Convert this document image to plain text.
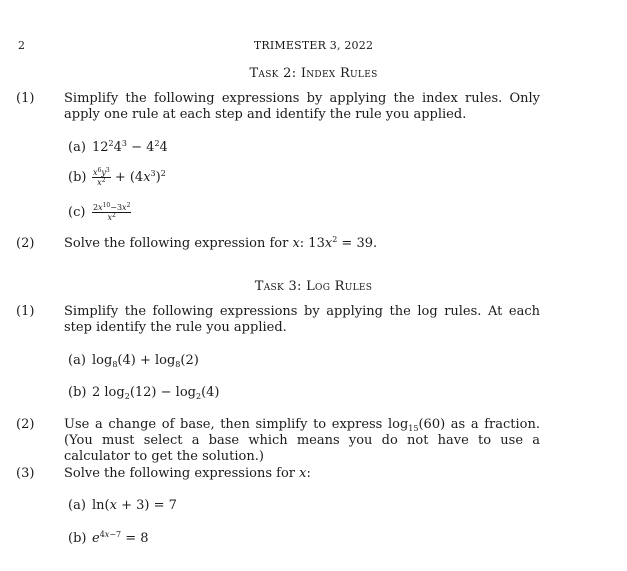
2	TRIMESTER 3, 2022
Task 2: Index Rules
(1) Simplify the following expressions by applying the index rules. Only apply one rule at each step and identify the rule you applied.
(a) $12^24^3 - 4^24$
$(b) \frac{x^6y^3}{x^2} + (4x^3)^2$
$(c) \frac{2x^{10}-3x^2}{x^2}$
(2) Solve the following expression for x: $13x^2 = 39$.
Task 3: Log Rules
(1) Simplify the following expressions by applying the log rules. At each step identify the rule you applied.
(a) $\log_8(4) + \log_8(2)$
(b) 2 $\log_2(12) - \log_2(4)$
(2) Use a change of base, then simplify to express $\log_{15}(60)$ as a fraction. (You must select a base which means you do not have to use a calculator to get the solution.)
(3) Solve the following expressions for x:
(a) ln(x + 3) = 7
(b) $e^{4x-7} = 8$
